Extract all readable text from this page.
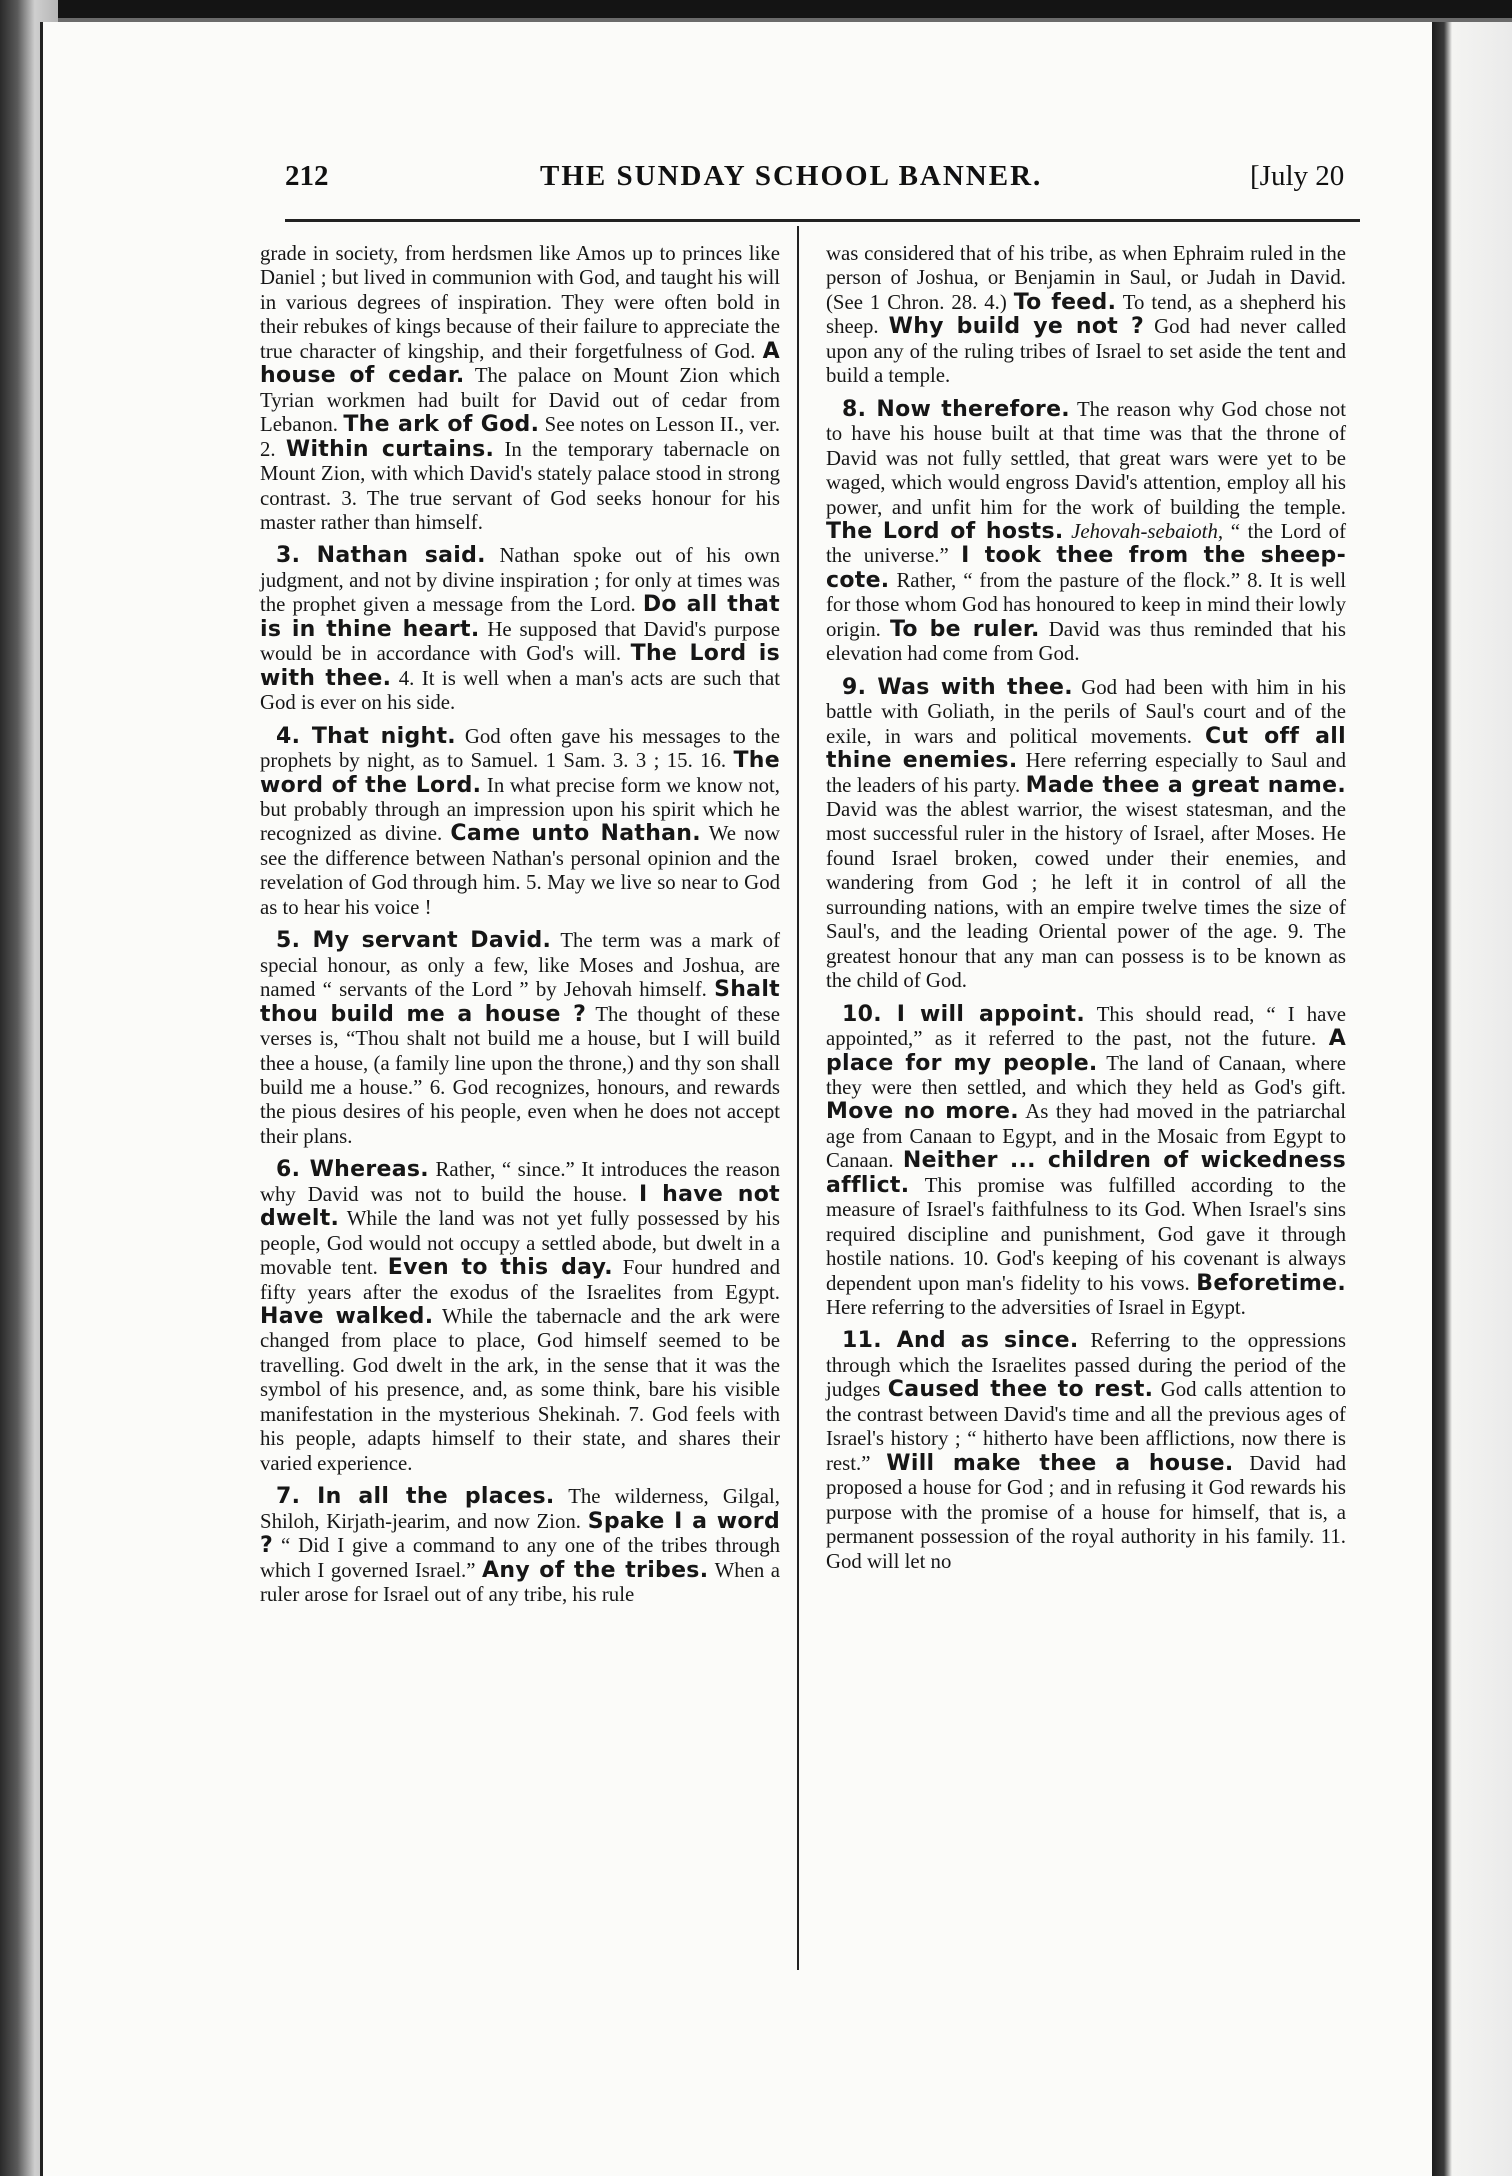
212	THE SUNDAY SCHOOL BANNER.	[July 20

grade in society, from herdsmen like Amos up to princes like Daniel ; but lived in communion with God, and taught his will in various degrees of inspiration. They were often bold in their rebukes of kings because of their failure to appreciate the true character of kingship, and their forgetfulness of God. A house of cedar. The palace on Mount Zion which Tyrian workmen had built for David out of cedar from Lebanon. The ark of God. See notes on Lesson II., ver. 2. Within curtains. In the temporary tabernacle on Mount Zion, with which David's stately palace stood in strong contrast. 3. The true servant of God seeks honour for his master rather than himself.

3. Nathan said. Nathan spoke out of his own judgment, and not by divine inspiration ; for only at times was the prophet given a message from the Lord. Do all that is in thine heart. He supposed that David's purpose would be in accordance with God's will. The Lord is with thee. 4. It is well when a man's acts are such that God is ever on his side.

4. That night. God often gave his messages to the prophets by night, as to Samuel. 1 Sam. 3. 3 ; 15. 16. The word of the Lord. In what precise form we know not, but probably through an impression upon his spirit which he recognized as divine. Came unto Nathan. We now see the difference between Nathan's personal opinion and the revelation of God through him. 5. May we live so near to God as to hear his voice !

5. My servant David. The term was a mark of special honour, as only a few, like Moses and Joshua, are named “ servants of the Lord ” by Jehovah himself. Shalt thou build me a house ? The thought of these verses is, “Thou shalt not build me a house, but I will build thee a house, (a family line upon the throne,) and thy son shall build me a house.” 6. God recognizes, honours, and rewards the pious desires of his people, even when he does not accept their plans.

6. Whereas. Rather, “ since.” It introduces the reason why David was not to build the house. I have not dwelt. While the land was not yet fully possessed by his people, God would not occupy a settled abode, but dwelt in a movable tent. Even to this day. Four hundred and fifty years after the exodus of the Israelites from Egypt. Have walked. While the tabernacle and the ark were changed from place to place, God himself seemed to be travelling. God dwelt in the ark, in the sense that it was the symbol of his presence, and, as some think, bare his visible manifestation in the mysterious Shekinah. 7. God feels with his people, adapts himself to their state, and shares their varied experience.

7. In all the places. The wilderness, Gilgal, Shiloh, Kirjath-jearim, and now Zion. Spake I a word ? “ Did I give a command to any one of the tribes through which I governed Israel.” Any of the tribes. When a ruler arose for Israel out of any tribe, his rule

was considered that of his tribe, as when Ephraim ruled in the person of Joshua, or Benjamin in Saul, or Judah in David. (See 1 Chron. 28. 4.) To feed. To tend, as a shepherd his sheep. Why build ye not ? God had never called upon any of the ruling tribes of Israel to set aside the tent and build a temple.

8. Now therefore. The reason why God chose not to have his house built at that time was that the throne of David was not fully settled, that great wars were yet to be waged, which would engross David's attention, employ all his power, and unfit him for the work of building the temple. The Lord of hosts. Jehovah-sebaioth, “ the Lord of the universe.” I took thee from the sheep-cote. Rather, “ from the pasture of the flock.” 8. It is well for those whom God has honoured to keep in mind their lowly origin. To be ruler. David was thus reminded that his elevation had come from God.

9. Was with thee. God had been with him in his battle with Goliath, in the perils of Saul's court and of the exile, in wars and political movements. Cut off all thine enemies. Here referring especially to Saul and the leaders of his party. Made thee a great name. David was the ablest warrior, the wisest statesman, and the most successful ruler in the history of Israel, after Moses. He found Israel broken, cowed under their enemies, and wandering from God ; he left it in control of all the surrounding nations, with an empire twelve times the size of Saul's, and the leading Oriental power of the age. 9. The greatest honour that any man can possess is to be known as the child of God.

10. I will appoint. This should read, “ I have appointed,” as it referred to the past, not the future. A place for my people. The land of Canaan, where they were then settled, and which they held as God's gift. Move no more. As they had moved in the patriarchal age from Canaan to Egypt, and in the Mosaic from Egypt to Canaan. Neither ... children of wickedness afflict. This promise was fulfilled according to the measure of Israel's faithfulness to its God. When Israel's sins required discipline and punishment, God gave it through hostile nations. 10. God's keeping of his covenant is always dependent upon man's fidelity to his vows. Beforetime. Here referring to the adversities of Israel in Egypt.

11. And as since. Referring to the oppressions through which the Israelites passed during the period of the judges Caused thee to rest. God calls attention to the contrast between David's time and all the previous ages of Israel's history ; “ hitherto have been afflictions, now there is rest.” Will make thee a house. David had proposed a house for God ; and in refusing it God rewards his purpose with the promise of a house for himself, that is, a permanent possession of the royal authority in his family. 11. God will let no
